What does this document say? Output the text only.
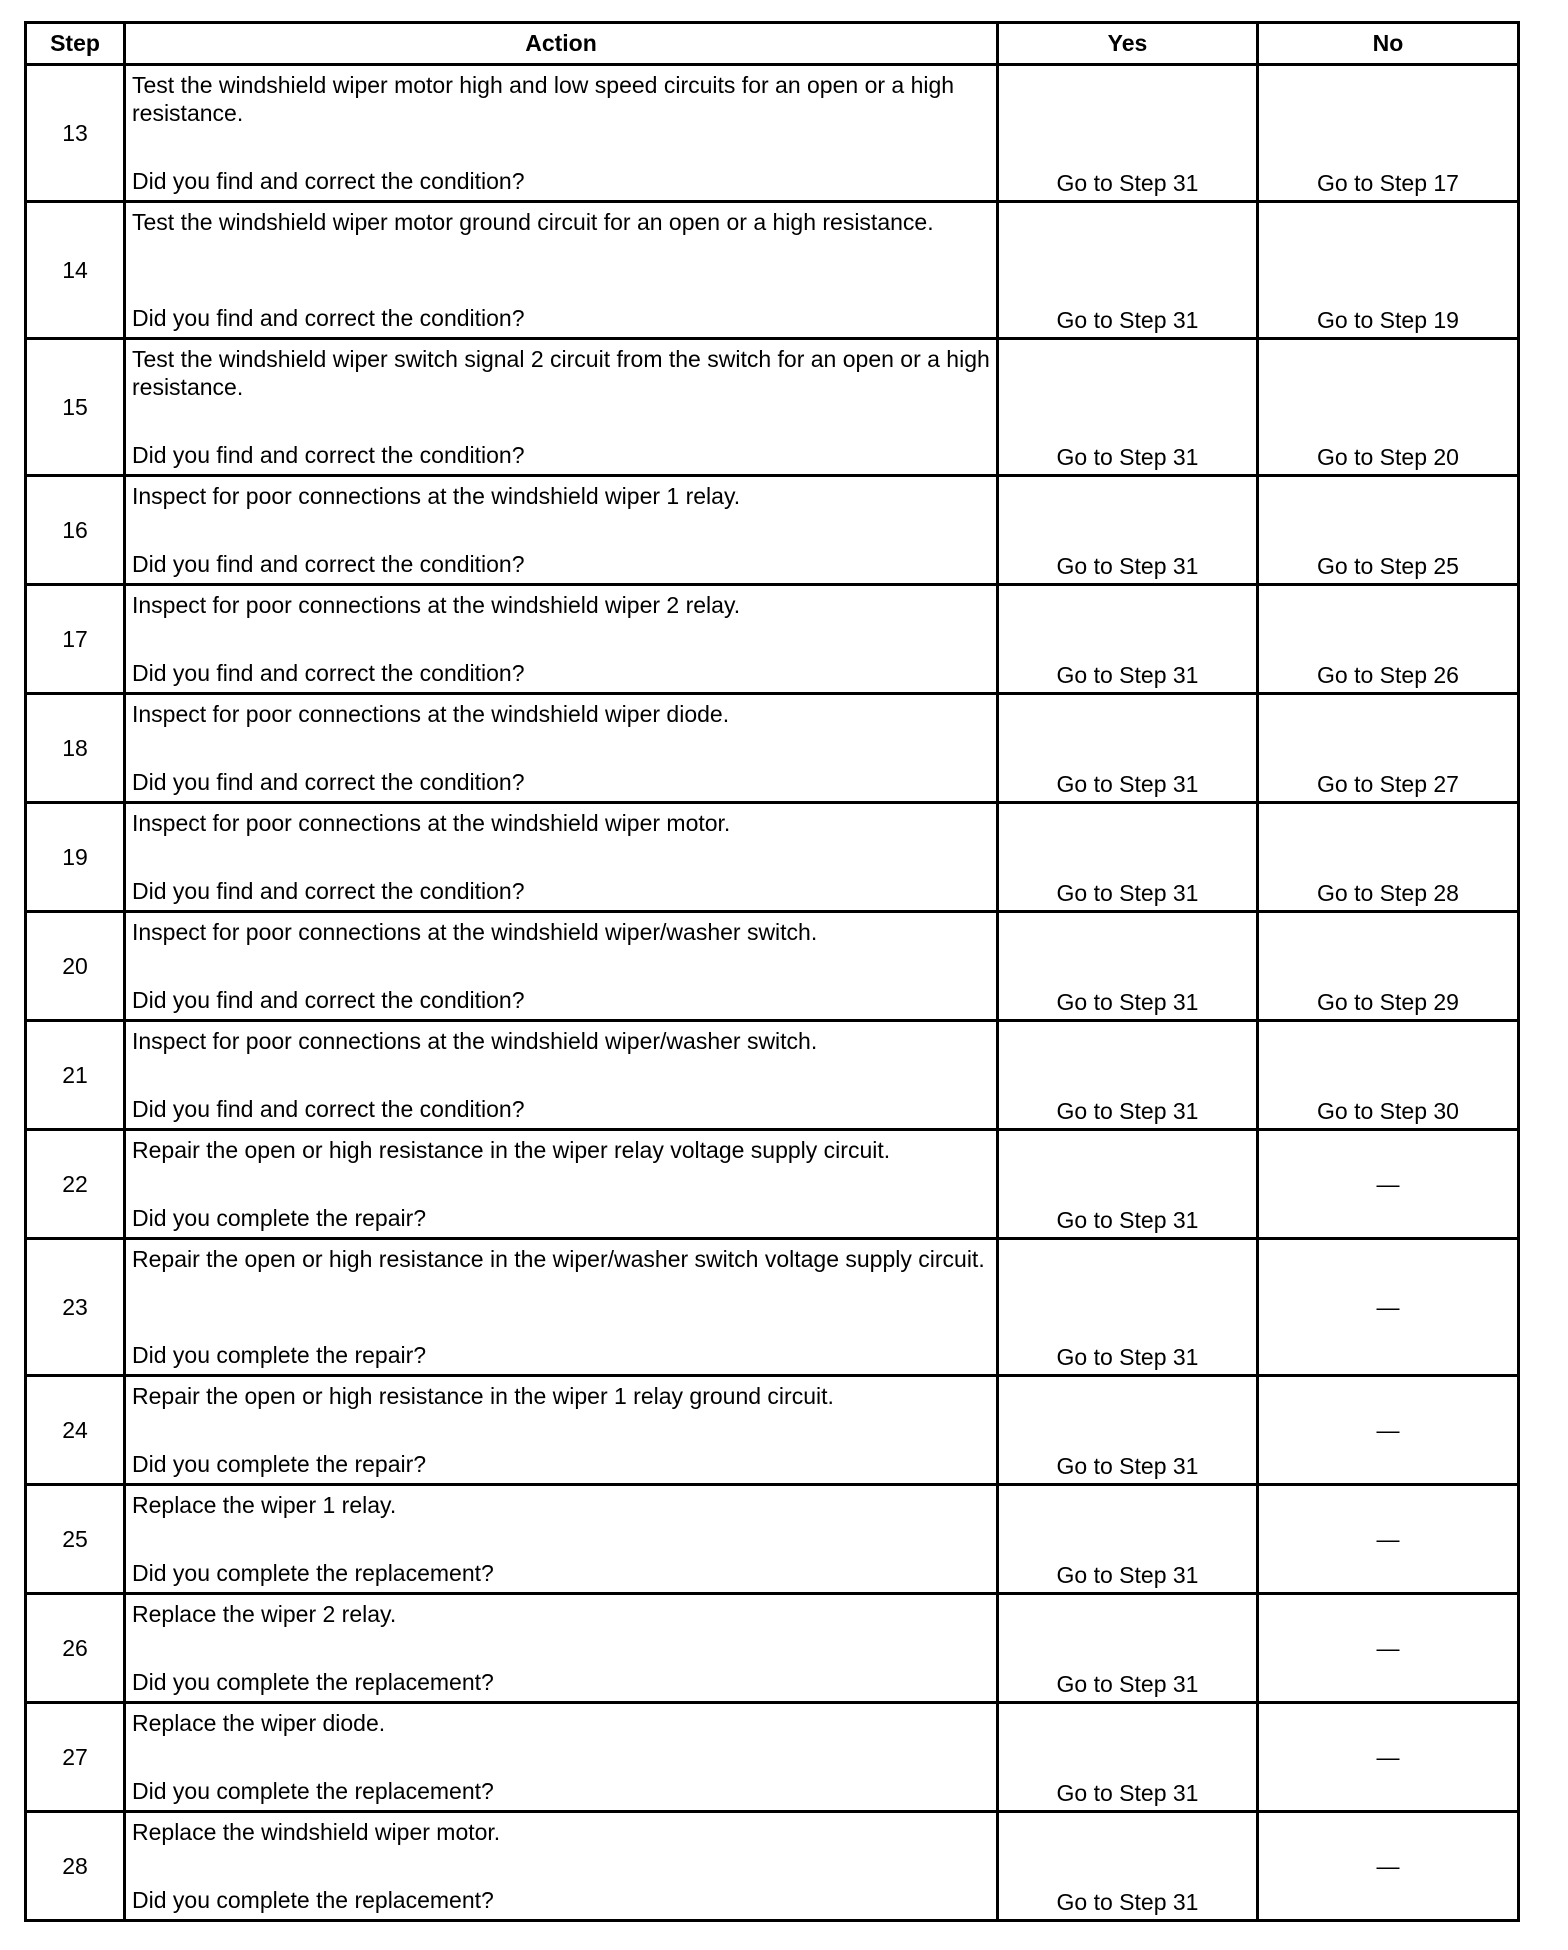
Step	Action	Yes	No
13	Test the windshield wiper motor high and low speed circuits for an open or a high resistance.
Did you find and correct the condition?	Go to Step 31	Go to Step 17
14	Test the windshield wiper motor ground circuit for an open or a high resistance.
Did you find and correct the condition?	Go to Step 31	Go to Step 19
15	Test the windshield wiper switch signal 2 circuit from the switch for an open or a high resistance.
Did you find and correct the condition?	Go to Step 31	Go to Step 20
16	Inspect for poor connections at the windshield wiper 1 relay.
Did you find and correct the condition?	Go to Step 31	Go to Step 25
17	Inspect for poor connections at the windshield wiper 2 relay.
Did you find and correct the condition?	Go to Step 31	Go to Step 26
18	Inspect for poor connections at the windshield wiper diode.
Did you find and correct the condition?	Go to Step 31	Go to Step 27
19	Inspect for poor connections at the windshield wiper motor.
Did you find and correct the condition?	Go to Step 31	Go to Step 28
20	Inspect for poor connections at the windshield wiper/washer switch.
Did you find and correct the condition?	Go to Step 31	Go to Step 29
21	Inspect for poor connections at the windshield wiper/washer switch.
Did you find and correct the condition?	Go to Step 31	Go to Step 30
22	Repair the open or high resistance in the wiper relay voltage supply circuit.
Did you complete the repair?	Go to Step 31	—
23	Repair the open or high resistance in the wiper/washer switch voltage supply circuit.
Did you complete the repair?	Go to Step 31	—
24	Repair the open or high resistance in the wiper 1 relay ground circuit.
Did you complete the repair?	Go to Step 31	—
25	Replace the wiper 1 relay.
Did you complete the replacement?	Go to Step 31	—
26	Replace the wiper 2 relay.
Did you complete the replacement?	Go to Step 31	—
27	Replace the wiper diode.
Did you complete the replacement?	Go to Step 31	—
28	Replace the windshield wiper motor.
Did you complete the replacement?	Go to Step 31	—
